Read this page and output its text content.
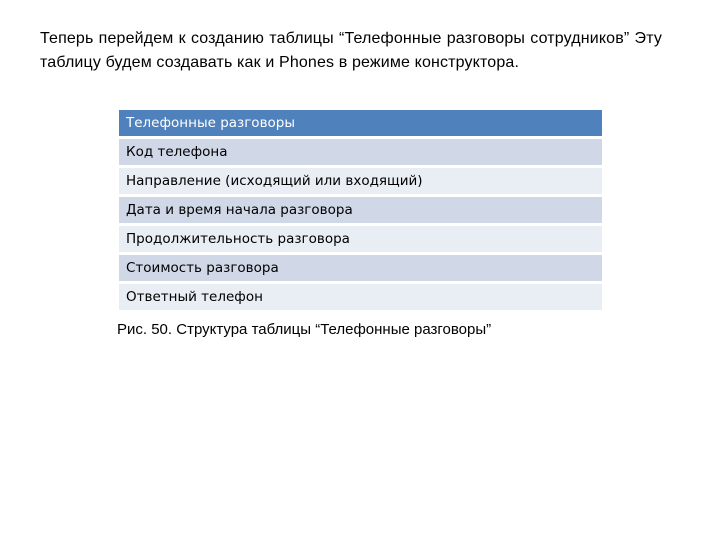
Теперь перейдем к созданию таблицы “Телефонные разговоры сотрудников” Эту таблицу будем создавать как и Phones в режиме конструктора.

Телефонные разговоры
Код телефона
Направление (исходящий или входящий)
Дата и время начала разговора
Продолжительность разговора
Стоимость разговора
Ответный телефон

Рис. 50. Структура таблицы “Телефонные разговоры”
